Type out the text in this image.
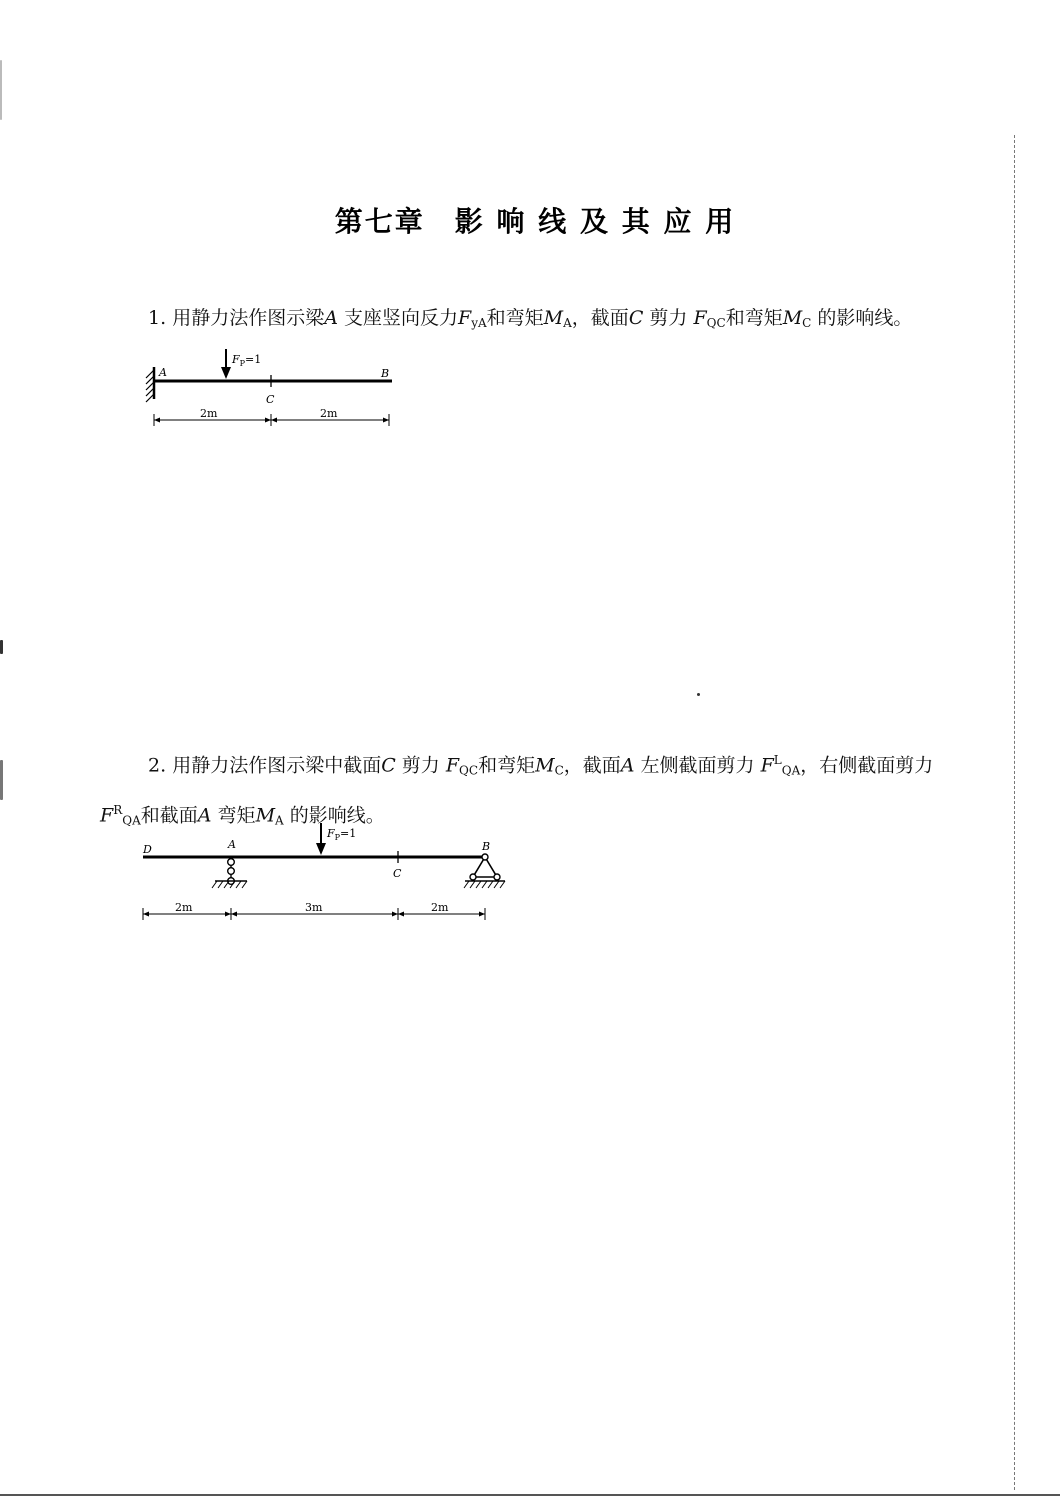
第七章 影 响 线 及 其 应 用
1. 用静力法作图示梁A 支座竖向反力$F_{yA}$和弯矩$M_A$，截面C 剪力 $F_{QC}$和弯矩$M_C$ 的影响线。
$F_P=1$
A	B
C
2m	2m
2. 用静力法作图示梁中截面C 剪力 $F_{QC}$和弯矩$M_C$，截面A 左侧截面剪力 $F^L_{QA}$，右侧截面剪力 $F^R_{QA}$和截面A 弯矩$M_A$ 的影响线。
$F_P=1$
D	A	B
C
2m	3m	2m
